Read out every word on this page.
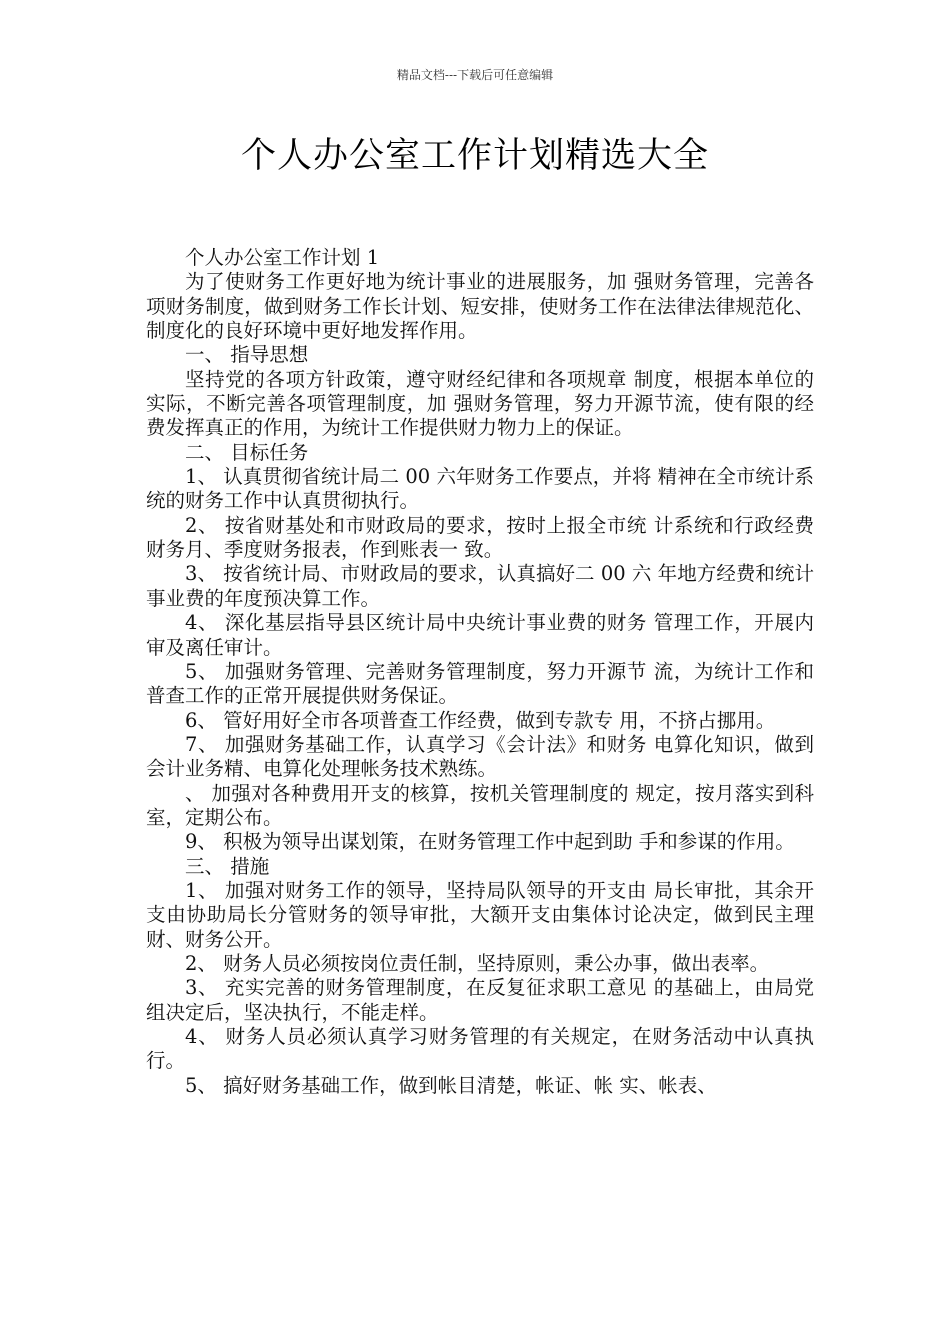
精品文档---下载后可任意编辑
个人办公室工作计划精选大全

个人办公室工作计划 1

为了使财务工作更好地为统计事业的进展服务，加 强财务管理，完善各项财务制度，做到财务工作长计划、短安排，使财务工作在法律法律规范化、制度化的良好环境中更好地发挥作用。

一、 指导思想

坚持党的各项方针政策，遵守财经纪律和各项规章 制度，根据本单位的实际，不断完善各项管理制度，加 强财务管理，努力开源节流，使有限的经费发挥真正的作用，为统计工作提供财力物力上的保证。

二、 目标任务

1、 认真贯彻省统计局二 00 六年财务工作要点，并将 精神在全市统计系统的财务工作中认真贯彻执行。

2、 按省财基处和市财政局的要求，按时上报全市统 计系统和行政经费财务月、季度财务报表，作到账表一 致。

3、 按省统计局、市财政局的要求，认真搞好二 00 六 年地方经费和统计事业费的年度预决算工作。

4、 深化基层指导县区统计局中央统计事业费的财务 管理工作，开展内审及离任审计。

5、 加强财务管理、完善财务管理制度，努力开源节 流，为统计工作和普查工作的正常开展提供财务保证。

6、 管好用好全市各项普查工作经费，做到专款专 用，不挤占挪用。

7、 加强财务基础工作，认真学习《会计法》和财务 电算化知识，做到会计业务精、电算化处理帐务技术熟练。

、 加强对各种费用开支的核算，按机关管理制度的 规定，按月落实到科室，定期公布。

9、 积极为领导出谋划策，在财务管理工作中起到助 手和参谋的作用。

三、 措施

1、 加强对财务工作的领导，坚持局队领导的开支由 局长审批，其余开支由协助局长分管财务的领导审批，大额开支由集体讨论决定，做到民主理财、财务公开。

2、 财务人员必须按岗位责任制，坚持原则，秉公办事，做出表率。

3、 充实完善的财务管理制度，在反复征求职工意见 的基础上，由局党组决定后，坚决执行，不能走样。

4、 财务人员必须认真学习财务管理的有关规定，在财务活动中认真执行。

5、 搞好财务基础工作，做到帐目清楚，帐证、帐 实、帐表、
